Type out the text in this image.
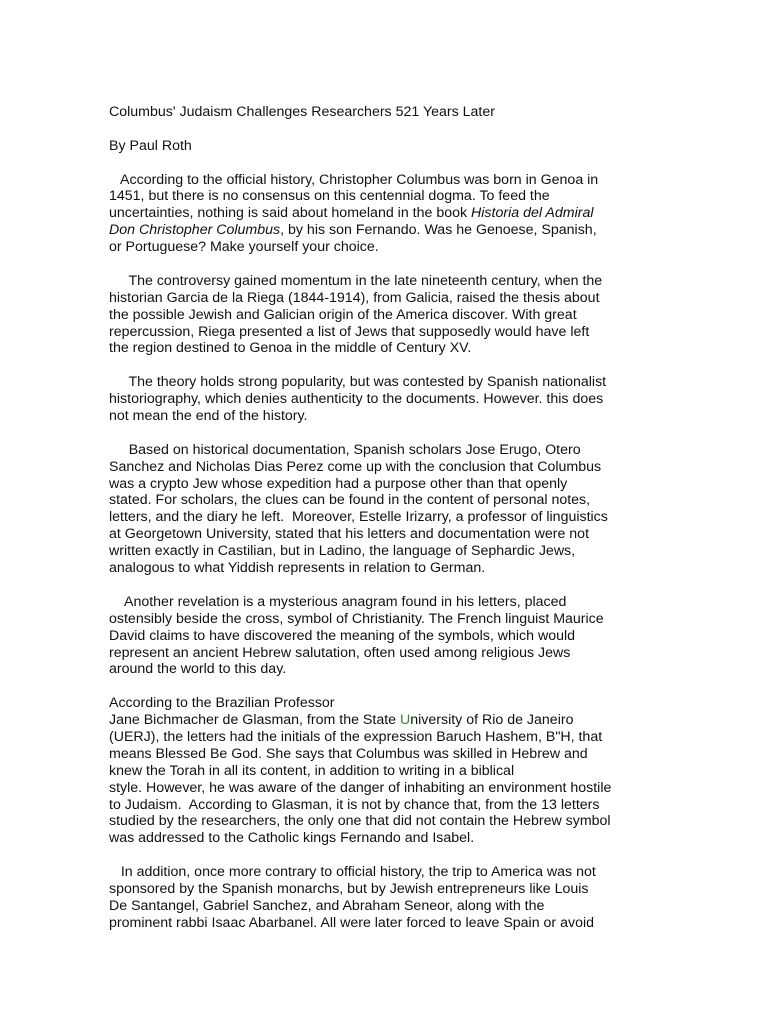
Columbus' Judaism Challenges Researchers 521 Years Later
By Paul Roth
According to the official history, Christopher Columbus was born in Genoa in
1451, but there is no consensus on this centennial dogma. To feed the
uncertainties, nothing is said about homeland in the book Historia del Admiral
Don Christopher Columbus, by his son Fernando. Was he Genoese, Spanish,
or Portuguese? Make yourself your choice.
The controversy gained momentum in the late nineteenth century, when the
historian Garcia de la Riega (1844-1914), from Galicia, raised the thesis about
the possible Jewish and Galician origin of the America discover. With great
repercussion, Riega presented a list of Jews that supposedly would have left
the region destined to Genoa in the middle of Century XV.
The theory holds strong popularity, but was contested by Spanish nationalist
historiography, which denies authenticity to the documents. However. this does
not mean the end of the history.
Based on historical documentation, Spanish scholars Jose Erugo, Otero
Sanchez and Nicholas Dias Perez come up with the conclusion that Columbus
was a crypto Jew whose expedition had a purpose other than that openly
stated. For scholars, the clues can be found in the content of personal notes,
letters, and the diary he left.  Moreover, Estelle Irizarry, a professor of linguistics
at Georgetown University, stated that his letters and documentation were not
written exactly in Castilian, but in Ladino, the language of Sephardic Jews,
analogous to what Yiddish represents in relation to German.
Another revelation is a mysterious anagram found in his letters, placed
ostensibly beside the cross, symbol of Christianity. The French linguist Maurice
David claims to have discovered the meaning of the symbols, which would
represent an ancient Hebrew salutation, often used among religious Jews
around the world to this day.
According to the Brazilian Professor
Jane Bichmacher de Glasman, from the State University of Rio de Janeiro
(UERJ), the letters had the initials of the expression Baruch Hashem, B"H, that
means Blessed Be God. She says that Columbus was skilled in Hebrew and
knew the Torah in all its content, in addition to writing in a biblical
style. However, he was aware of the danger of inhabiting an environment hostile
to Judaism.  According to Glasman, it is not by chance that, from the 13 letters
studied by the researchers, the only one that did not contain the Hebrew symbol
was addressed to the Catholic kings Fernando and Isabel.
In addition, once more contrary to official history, the trip to America was not
sponsored by the Spanish monarchs, but by Jewish entrepreneurs like Louis
De Santangel, Gabriel Sanchez, and Abraham Seneor, along with the
prominent rabbi Isaac Abarbanel. All were later forced to leave Spain or avoid
